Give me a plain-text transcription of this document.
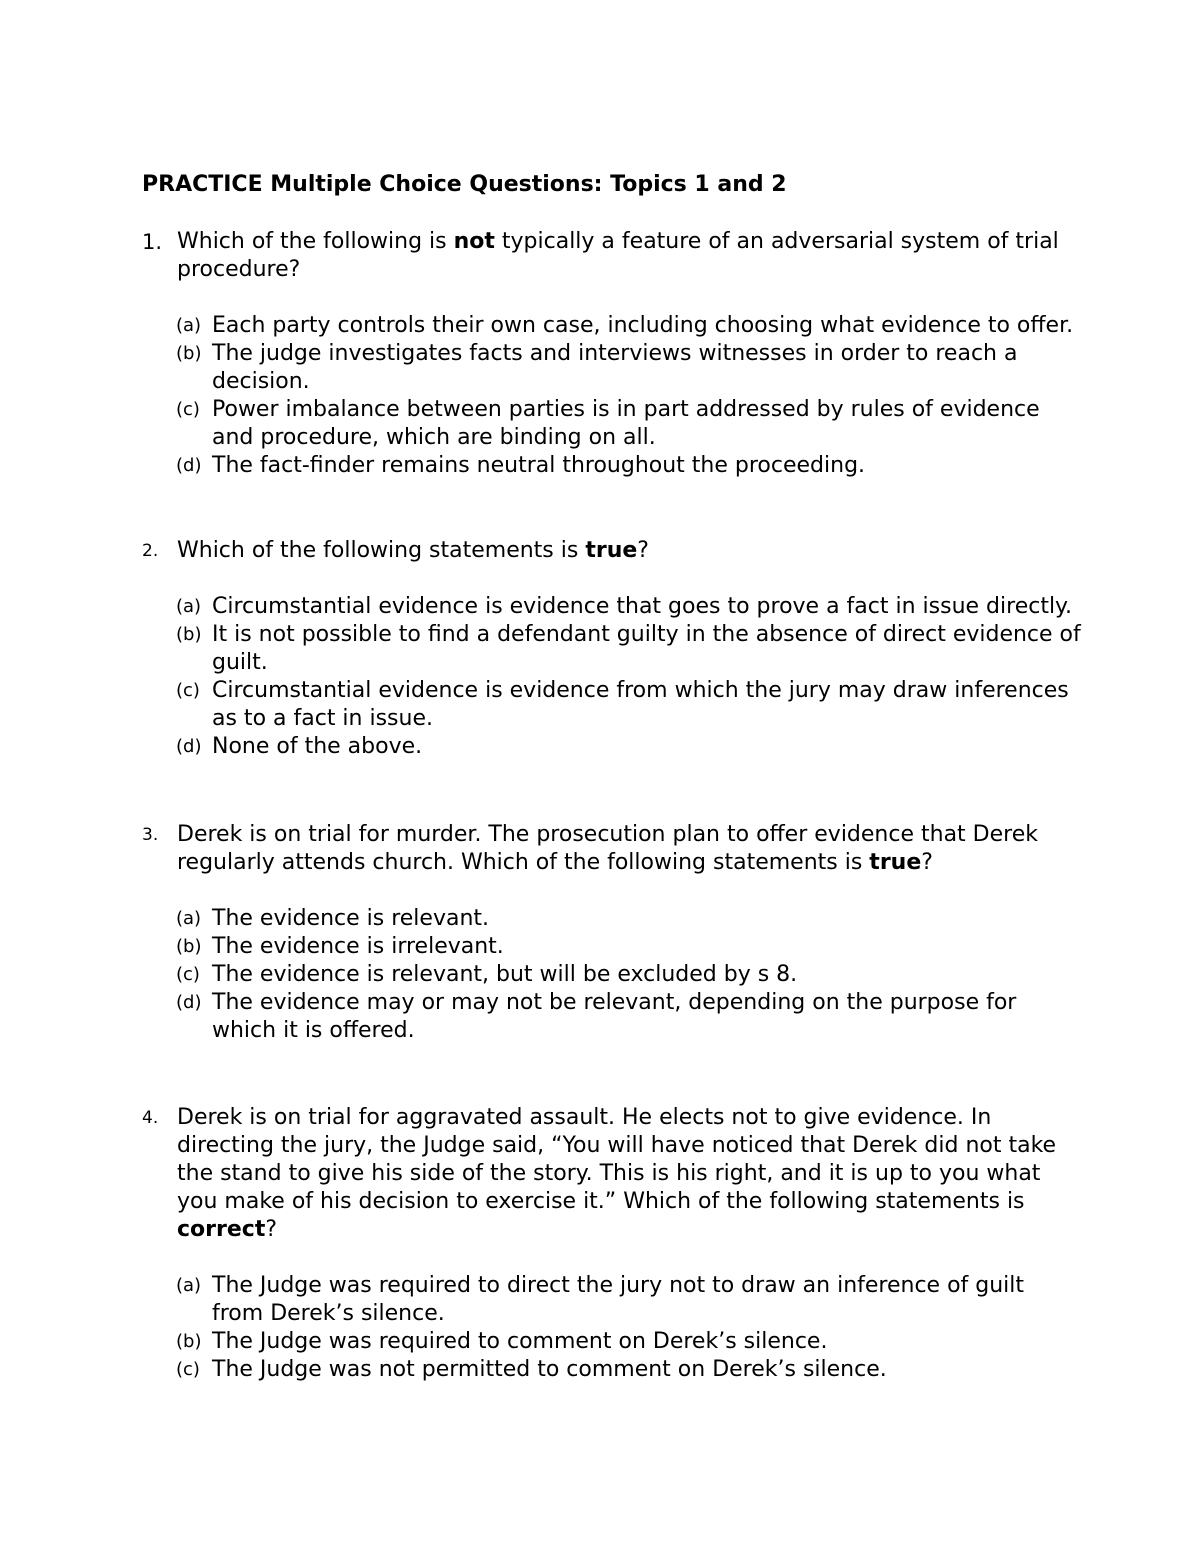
PRACTICE Multiple Choice Questions: Topics 1 and 2
1. Which of the following is not typically a feature of an adversarial system of trial procedure?
(a) Each party controls their own case, including choosing what evidence to offer.
(b) The judge investigates facts and interviews witnesses in order to reach a decision.
(c) Power imbalance between parties is in part addressed by rules of evidence and procedure, which are binding on all.
(d) The fact-finder remains neutral throughout the proceeding.
2. Which of the following statements is true?
(a) Circumstantial evidence is evidence that goes to prove a fact in issue directly.
(b) It is not possible to find a defendant guilty in the absence of direct evidence of guilt.
(c) Circumstantial evidence is evidence from which the jury may draw inferences as to a fact in issue.
(d) None of the above.
3. Derek is on trial for murder. The prosecution plan to offer evidence that Derek regularly attends church. Which of the following statements is true?
(a) The evidence is relevant.
(b) The evidence is irrelevant.
(c) The evidence is relevant, but will be excluded by s 8.
(d) The evidence may or may not be relevant, depending on the purpose for which it is offered.
4. Derek is on trial for aggravated assault. He elects not to give evidence. In directing the jury, the Judge said, “You will have noticed that Derek did not take the stand to give his side of the story. This is his right, and it is up to you what you make of his decision to exercise it.” Which of the following statements is correct?
(a) The Judge was required to direct the jury not to draw an inference of guilt from Derek’s silence.
(b) The Judge was required to comment on Derek’s silence.
(c) The Judge was not permitted to comment on Derek’s silence.
